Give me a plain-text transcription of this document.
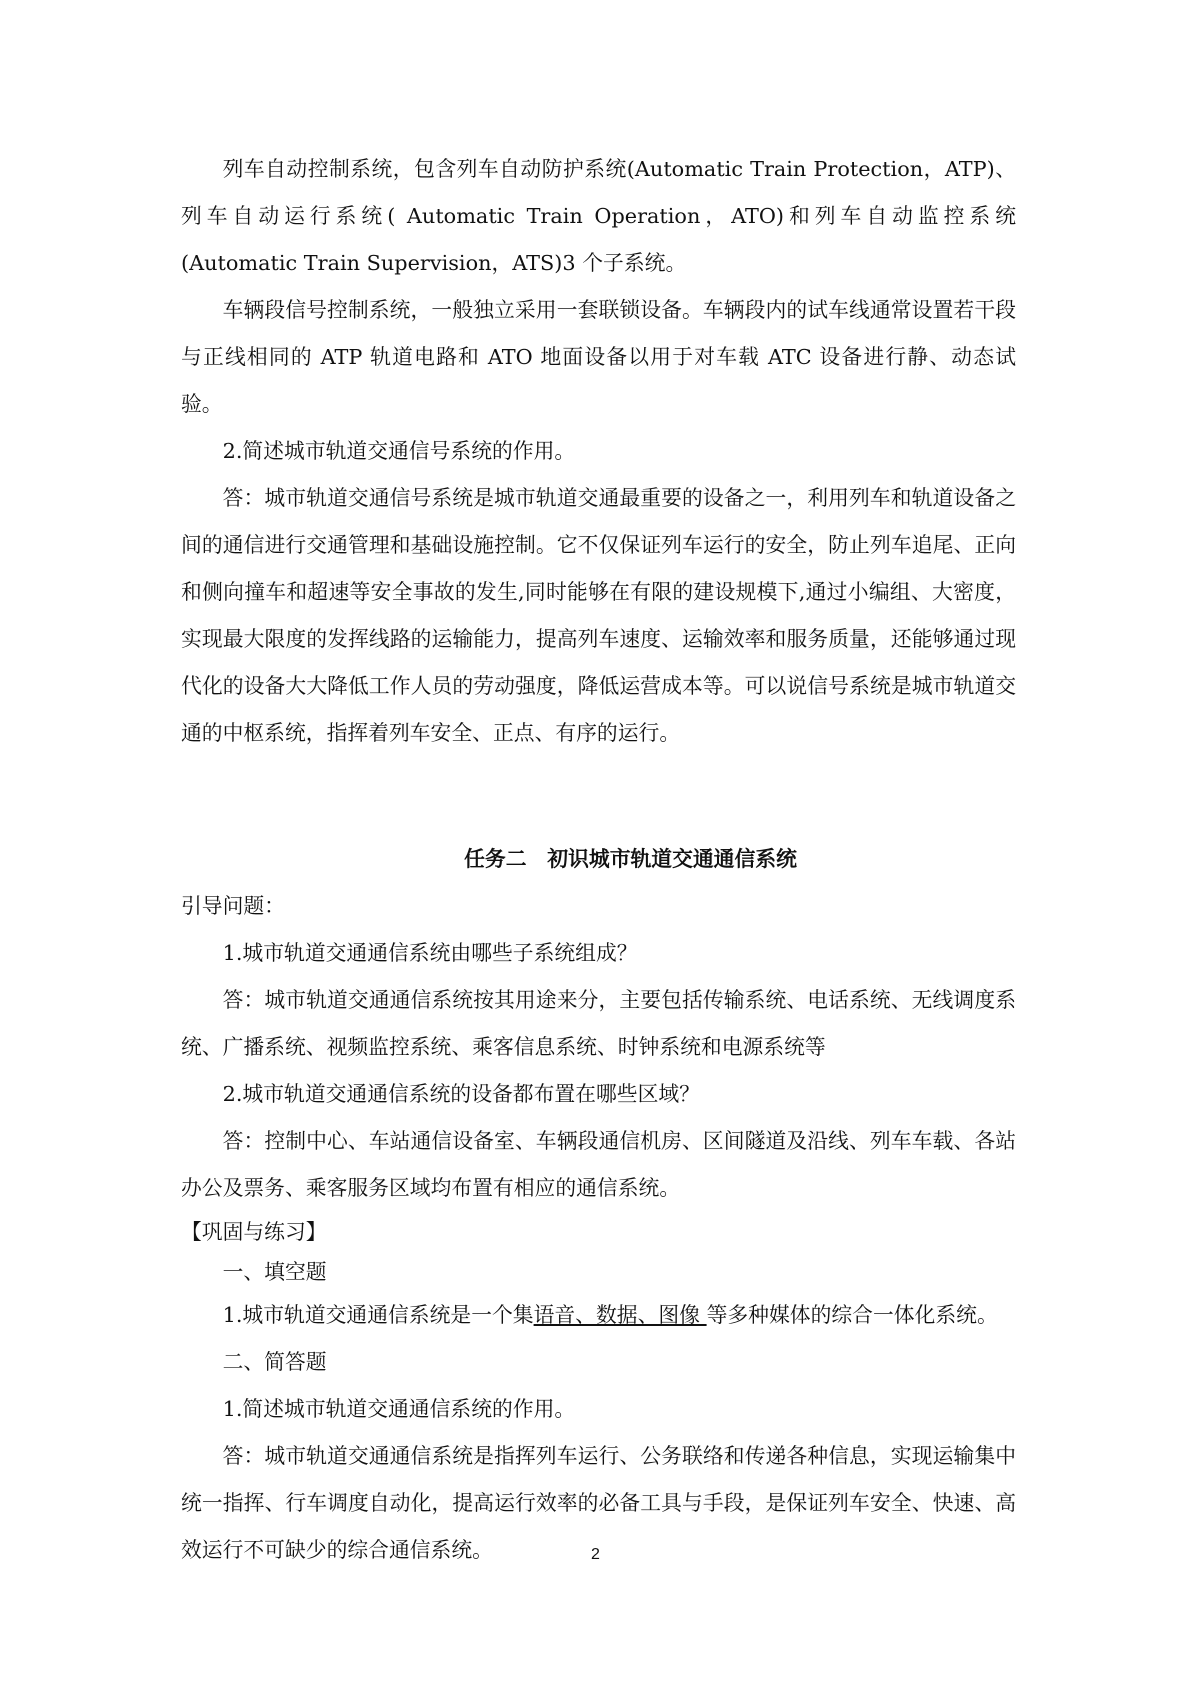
列车自动控制系统，包含列车自动防护系统(Automatic Train Protection，ATP)、列车自动运行系统( Automatic Train Operation，ATO)和列车自动监控系统(Automatic Train Supervision，ATS)3 个子系统。

车辆段信号控制系统，一般独立采用一套联锁设备。车辆段内的试车线通常设置若干段与正线相同的 ATP 轨道电路和 ATO 地面设备以用于对车载 ATC 设备进行静、动态试验。

2.简述城市轨道交通信号系统的作用。

答：城市轨道交通信号系统是城市轨道交通最重要的设备之一，利用列车和轨道设备之间的通信进行交通管理和基础设施控制。它不仅保证列车运行的安全，防止列车追尾、正向和侧向撞车和超速等安全事故的发生,同时能够在有限的建设规模下,通过小编组、大密度，实现最大限度的发挥线路的运输能力，提高列车速度、运输效率和服务质量，还能够通过现代化的设备大大降低工作人员的劳动强度，降低运营成本等。可以说信号系统是城市轨道交通的中枢系统，指挥着列车安全、正点、有序的运行。

任务二　初识城市轨道交通通信系统

引导问题：

1.城市轨道交通通信系统由哪些子系统组成？

答：城市轨道交通通信系统按其用途来分，主要包括传输系统、电话系统、无线调度系统、广播系统、视频监控系统、乘客信息系统、时钟系统和电源系统等

2.城市轨道交通通信系统的设备都布置在哪些区域？

答：控制中心、车站通信设备室、车辆段通信机房、区间隧道及沿线、列车车载、各站办公及票务、乘客服务区域均布置有相应的通信系统。

【巩固与练习】

一、填空题

1.城市轨道交通通信系统是一个集语音、数据、图像 等多种媒体的综合一体化系统。

二、简答题

1.简述城市轨道交通通信系统的作用。

答：城市轨道交通通信系统是指挥列车运行、公务联络和传递各种信息，实现运输集中统一指挥、行车调度自动化，提高运行效率的必备工具与手段，是保证列车安全、快速、高效运行不可缺少的综合通信系统。	2
